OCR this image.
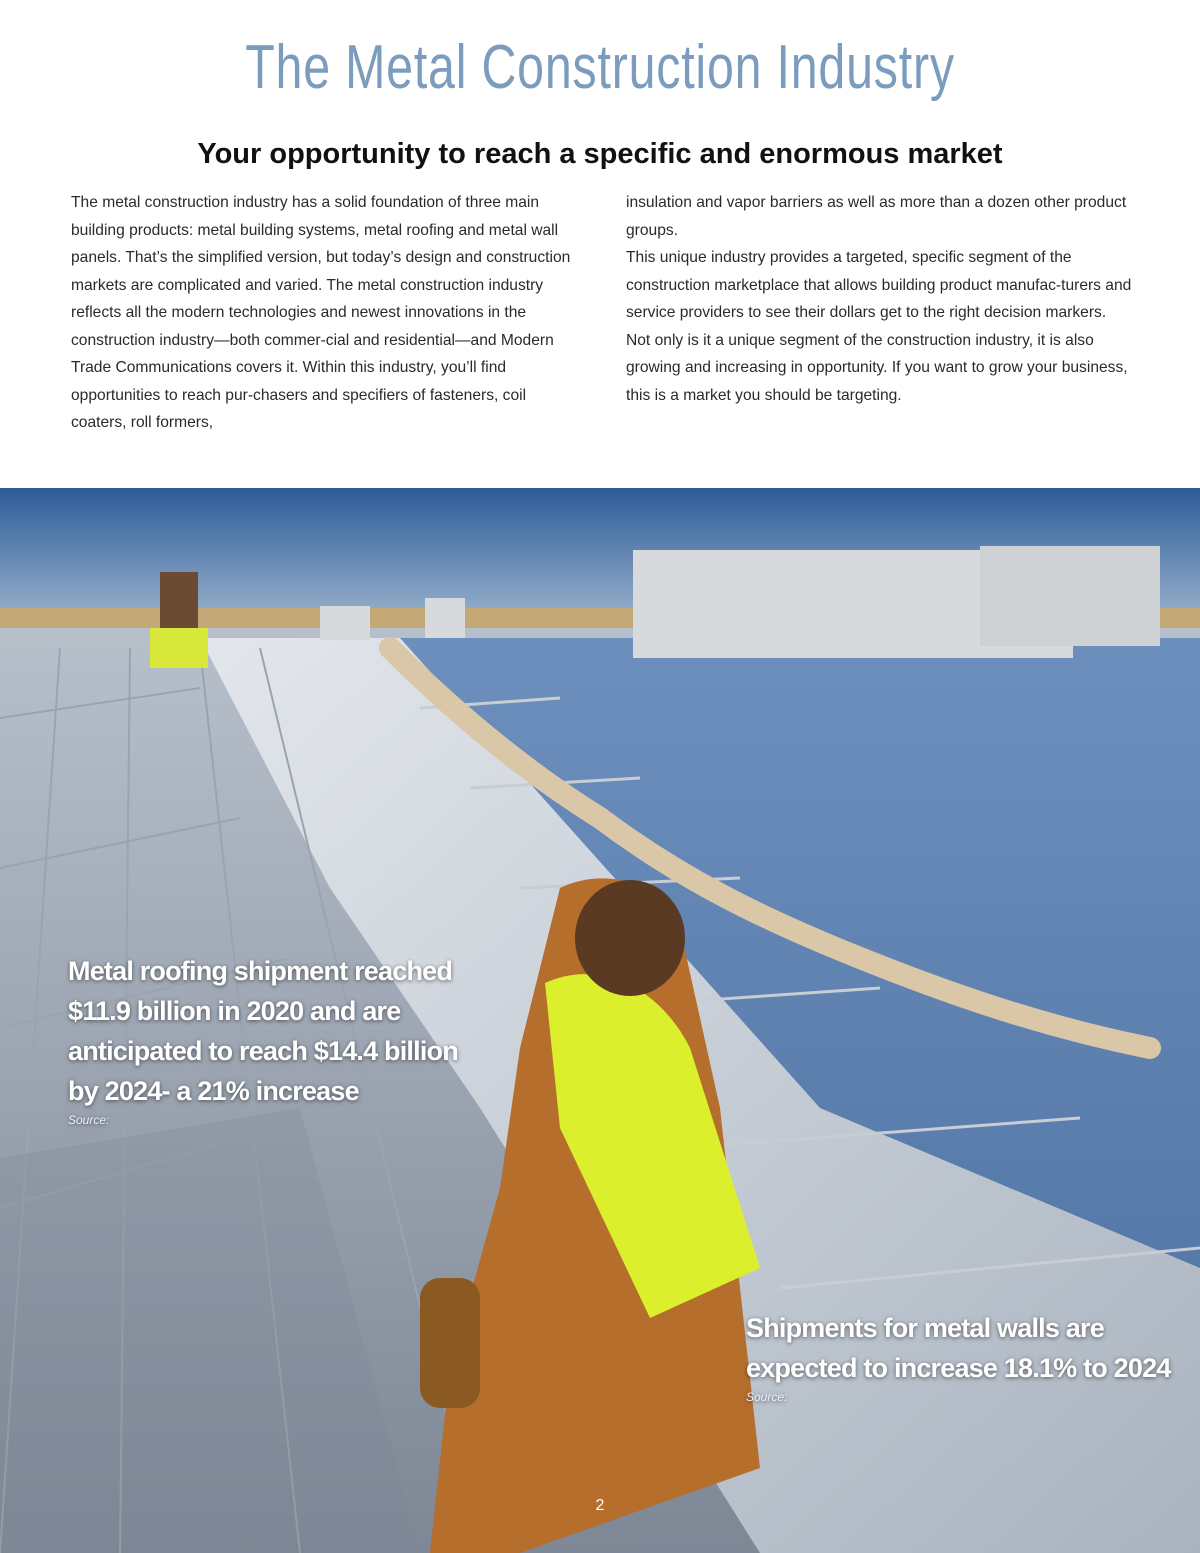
The Metal Construction Industry
Your opportunity to reach a specific and enormous market

The metal construction industry has a solid foundation of three main building products: metal building systems, metal roofing and metal wall panels. That’s the simplified version, but today’s design and construction markets are complicated and varied. The metal construction industry reflects all the modern technologies and newest innovations in the construction industry—both commer-cial and residential—and Modern Trade Communications covers it. Within this industry, you’ll find opportunities to reach pur-chasers and specifiers of fasteners, coil coaters, roll formers,

insulation and vapor barriers as well as more than a dozen other product groups.

This unique industry provides a targeted, specific segment of the construction marketplace that allows building product manufac-turers and service providers to see their dollars get to the right decision markers.

Not only is it a unique segment of the construction industry, it is also growing and increasing in opportunity. If you want to grow your business, this is a market you should be targeting.

Metal roofing shipment reached $11.9 billion in 2020 and are anticipated to reach $14.4 billion by 2024- a 21% increase

Source:

Shipments for metal walls are expected to increase 18.1% to 2024

Source:

2
